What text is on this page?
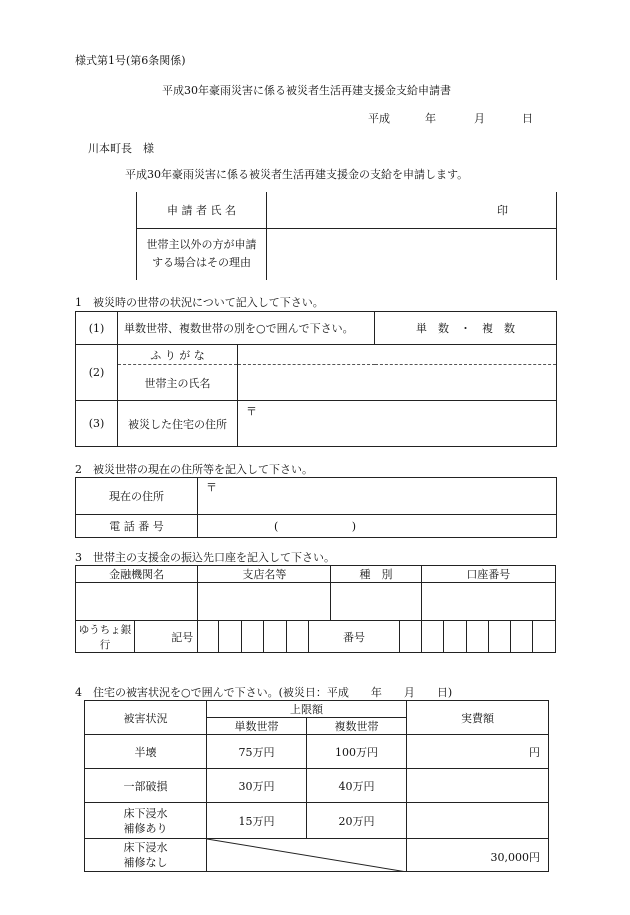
様式第1号(第6条関係)
平成30年豪雨災害に係る被災者生活再建支援金支給申請書
平成	年	月	日
川本町長　様
平成30年豪雨災害に係る被災者生活再建支援金の支給を申請します。
申 請 者 氏 名	印

世帯主以外の方が申請
する場合はその理由	

1　被災時の世帯の状況について記入して下さい。
(1)	単数世帯、複数世帯の別を○で囲んで下さい。		単　数　・　複　数
(2)	ふ り が な		
	世帯主の氏名		
(3)	被災した住宅の住所	〒	
2　被災世帯の現在の住所等を記入して下さい。
現在の住所	〒
電 話 番 号	( )
3　世帯主の支援金の振込先口座を記入して下さい。
金融機関名		支店名等						種　別		口座番号					

ゆうちょ銀行	記号						番号								
4　住宅の被害状況を○で囲んで下さい。(被災日：平成　　年　　月　　日)
被害状況	上限額		実費額
	単数世帯	複数世帯	
半壊	75万円	100万円	円
一部破損	30万円	40万円	

床下浸水
補修あり	15万円	20万円	

床下浸水
補修なし			30,000円
